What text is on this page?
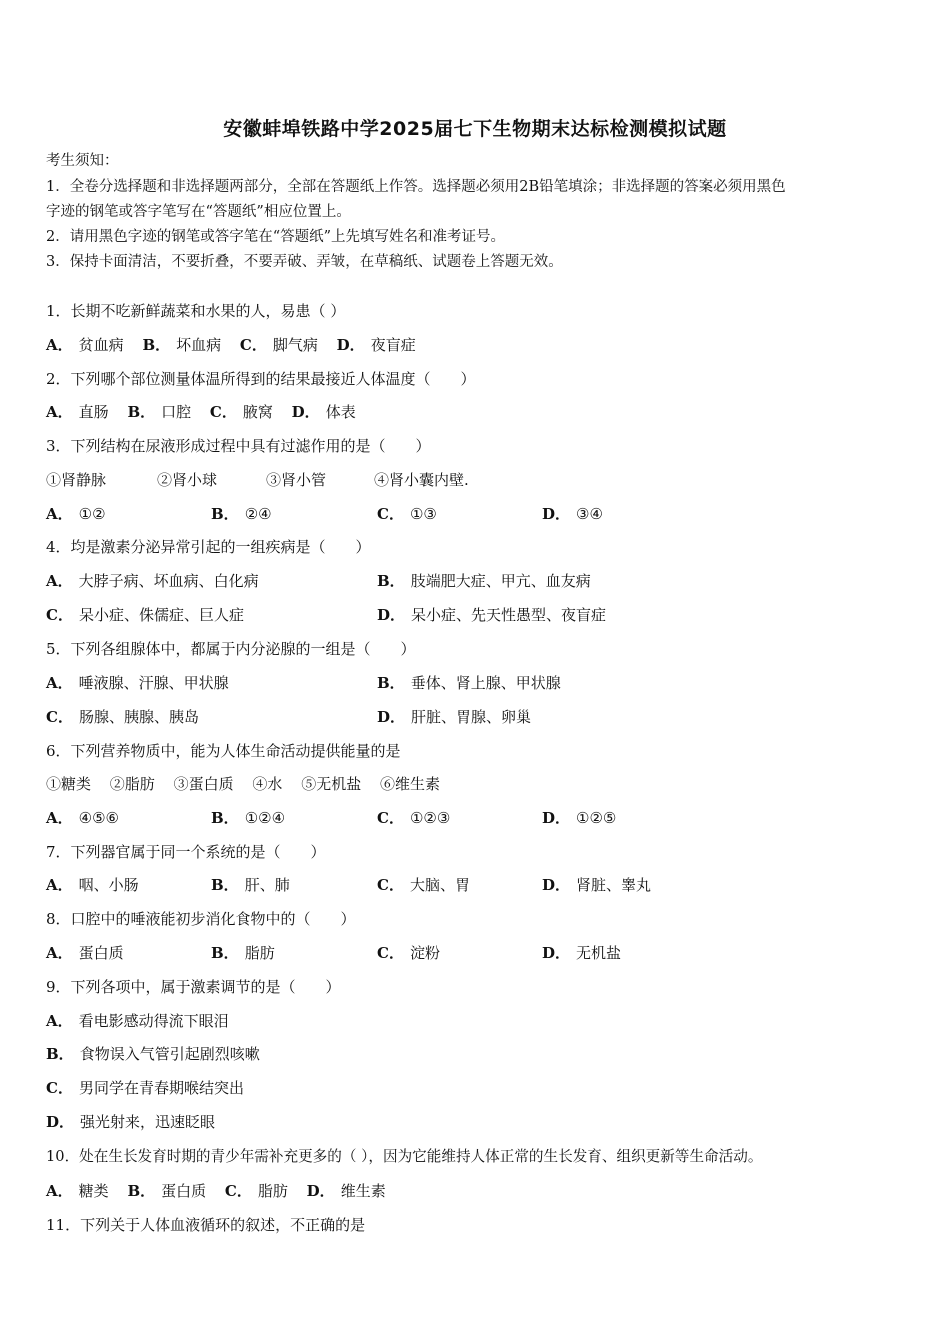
安徽蚌埠铁路中学2025届七下生物期末达标检测模拟试题
考生须知：
1．全卷分选择题和非选择题两部分，全部在答题纸上作答。选择题必须用2B铅笔填涂；非选择题的答案必须用黑色
字迹的钢笔或答字笔写在“答题纸”相应位置上。
2．请用黑色字迹的钢笔或答字笔在“答题纸”上先填写姓名和准考证号。
3．保持卡面清洁，不要折叠，不要弄破、弄皱，在草稿纸、试题卷上答题无效。
1．长期不吃新鲜蔬菜和水果的人，易患（ ）
A． 贫血病 B． 坏血病 C． 脚气病 D． 夜盲症
2．下列哪个部位测量体温所得到的结果最接近人体温度（　　）
A． 直肠 B． 口腔 C． 腋窝 D． 体表
3．下列结构在尿液形成过程中具有过滤作用的是（　　）
①肾静脉	②肾小球	③肾小管	④肾小囊内壁.
A． ①②	B． ②④	C． ①③	D． ③④
4．均是激素分泌异常引起的一组疾病是（　　）
A． 大脖子病、坏血病、白化病	B． 肢端肥大症、甲亢、血友病
C． 呆小症、侏儒症、巨人症	D． 呆小症、先天性愚型、夜盲症
5．下列各组腺体中，都属于内分泌腺的一组是（　　）
A． 唾液腺、汗腺、甲状腺	B． 垂体、肾上腺、甲状腺
C． 肠腺、胰腺、胰岛	D． 肝脏、胃腺、卵巢
6．下列营养物质中，能为人体生命活动提供能量的是
①糖类 ②脂肪 ③蛋白质 ④水 ⑤无机盐 ⑥维生素
A． ④⑤⑥	B． ①②④	C． ①②③	D． ①②⑤
7．下列器官属于同一个系统的是（　　）
A． 咽、小肠	B． 肝、肺	C． 大脑、胃	D． 肾脏、睾丸
8．口腔中的唾液能初步消化食物中的（　　）
A． 蛋白质	B． 脂肪	C． 淀粉	D． 无机盐
9．下列各项中，属于激素调节的是（　　）
A． 看电影感动得流下眼泪
B． 食物误入气管引起剧烈咳嗽
C． 男同学在青春期喉结突出
D． 强光射来，迅速眨眼
10．处在生长发育时期的青少年需补充更多的（ ），因为它能维持人体正常的生长发育、组织更新等生命活动。
A． 糖类 B． 蛋白质 C． 脂肪 D． 维生素
11．下列关于人体血液循环的叙述，不正确的是
